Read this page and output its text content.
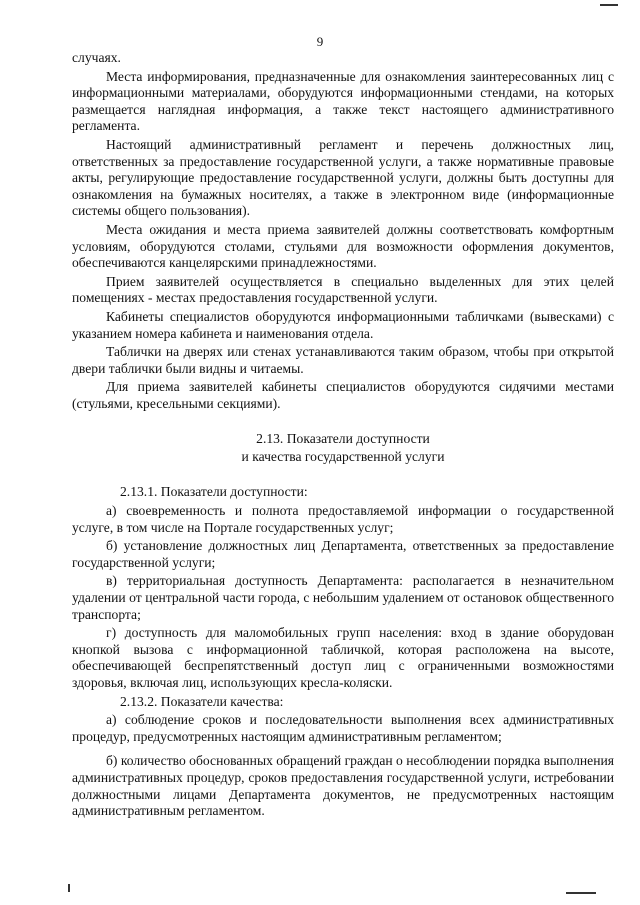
9

случаях.

Места информирования, предназначенные для ознакомления заинтересованных лиц с информационными материалами, оборудуются информационными стендами, на которых размещается наглядная информация, а также текст настоящего административного регламента.

Настоящий административный регламент и перечень должностных лиц, ответственных за предоставление государственной услуги, а также нормативные правовые акты, регулирующие предоставление государственной услуги, должны быть доступны для ознакомления на бумажных носителях, а также в электронном виде (информационные системы общего пользования).

Места ожидания и места приема заявителей должны соответствовать комфортным условиям, оборудуются столами, стульями для возможности оформления документов, обеспечиваются канцелярскими принадлежностями.

Прием заявителей осуществляется в специально выделенных для этих целей помещениях - местах предоставления государственной услуги.

Кабинеты специалистов оборудуются информационными табличками (вывесками) с указанием номера кабинета и наименования отдела.

Таблички на дверях или стенах устанавливаются таким образом, чтобы при открытой двери таблички были видны и читаемы.

Для приема заявителей кабинеты специалистов оборудуются сидячими местами (стульями, кресельными секциями).

2.13. Показатели доступности
и качества государственной услуги

2.13.1. Показатели доступности:

а) своевременность и полнота предоставляемой информации о государственной услуге, в том числе на Портале государственных услуг;

б) установление должностных лиц Департамента, ответственных за предоставление государственной услуги;

в) территориальная доступность Департамента: располагается в незначительном удалении от центральной части города, с небольшим удалением от остановок общественного транспорта;

г) доступность для маломобильных групп населения: вход в здание оборудован кнопкой вызова с информационной табличкой, которая расположена на высоте, обеспечивающей беспрепятственный доступ лиц с ограниченными возможностями здоровья, включая лиц, использующих кресла-коляски.

2.13.2. Показатели качества:

а) соблюдение сроков и последовательности выполнения всех административных процедур, предусмотренных настоящим административным регламентом;

б) количество обоснованных обращений граждан о несоблюдении порядка выполнения административных процедур, сроков предоставления государственной услуги, истребовании должностными лицами Департамента документов, не предусмотренных настоящим административным регламентом.
